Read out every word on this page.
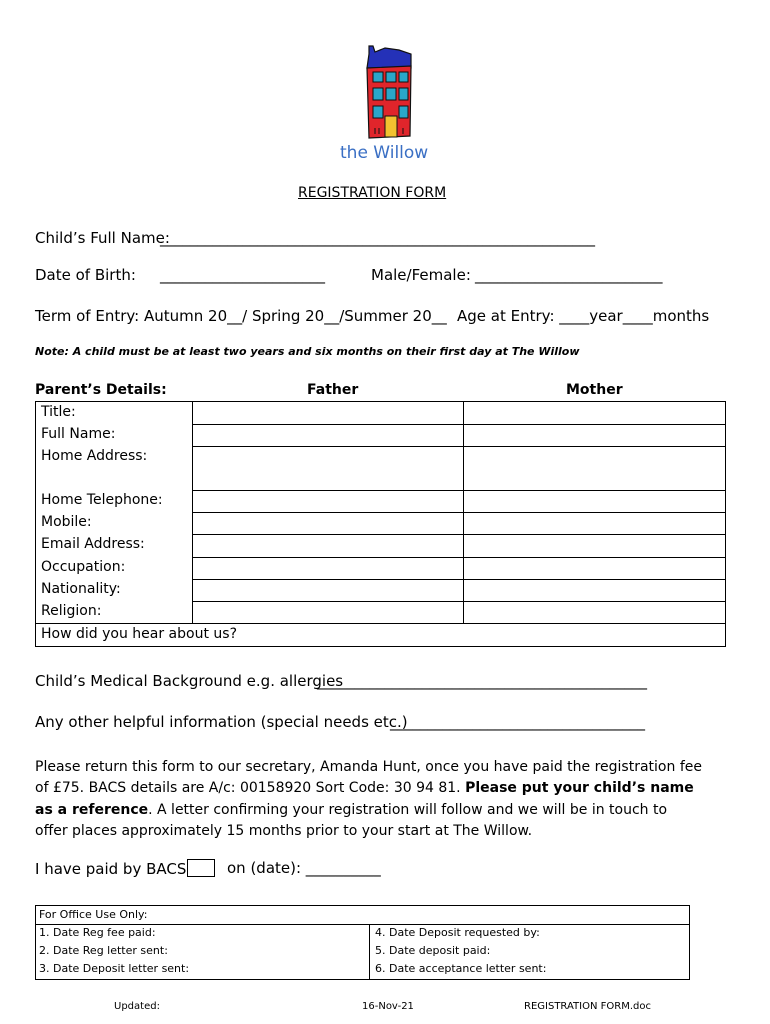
the Willow
REGISTRATION FORM
Child’s Full Name:
__________________________________________________________
Date of Birth: ______________________	Male/Female: _________________________
Term of Entry: Autumn 20__/ Spring 20__/Summer 20__ Age at Entry: ____year____months
Note: A child must be at least two years and six months on their first day at The Willow
Parent’s Details:	Father	Mother
Title:
Full Name:
Home Address:
Home Telephone:
Mobile:
Email Address:
Occupation:
Nationality:
Religion:
How did you hear about us?
Child’s Medical Background e.g. allergies
____________________________________________
Any other helpful information (special needs etc.)
__________________________________
Please return this form to our secretary, Amanda Hunt, once you have paid the registration fee
of £75. BACS details are A/c: 00158920 Sort Code: 30 94 81. Please put your child’s name
as a reference. A letter confirming your registration will follow and we will be in touch to
offer places approximately 15 months prior to your start at The Willow.
I have paid by BACS	on (date): __________
For Office Use Only:
1. Date Reg fee paid:
2. Date Reg letter sent:
3. Date Deposit letter sent:
4. Date Deposit requested by:
5. Date deposit paid:
6. Date acceptance letter sent:
Updated:	16-Nov-21	REGISTRATION FORM.doc
